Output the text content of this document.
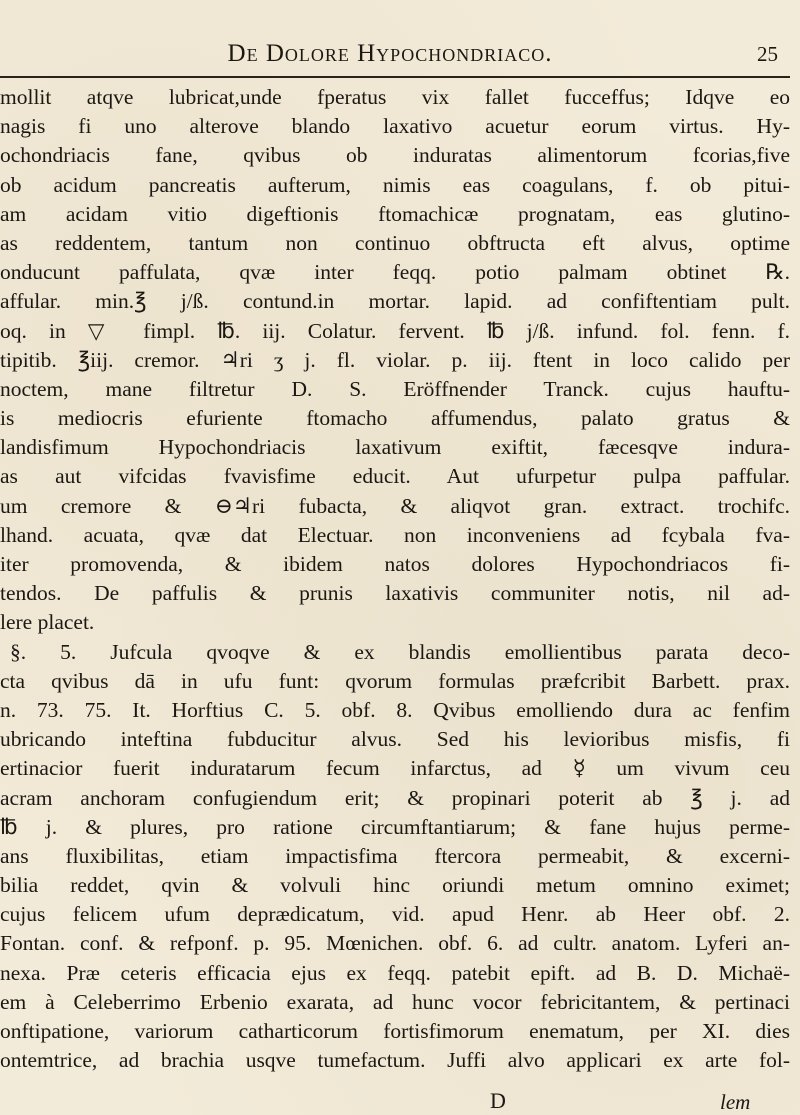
De Dolore Hypochondriaco.	25
mollit atqve lubricat,unde fperatus vix fallet fucceffus; Idqve eo
nagis fi uno alterove blando laxativo acuetur eorum virtus. Hy-
ochondriacis fane, qvibus ob induratas alimentorum fcorias,five
ob acidum pancreatis aufterum, nimis eas coagulans, f. ob pitui-
am acidam vitio digeftionis ftomachicæ prognatam, eas glutino-
as reddentem, tantum non continuo obftructa eft alvus, optime
onducunt paffulata, qvæ inter feqq. potio palmam obtinet ℞.
affular. min.℥ j/ß. contund.in mortar. lapid. ad confiftentiam pult.
oq. in ▽ fimpl. ℔. iij. Colatur. fervent. ℔ j/ß. infund. fol. fenn. f.
tipitib. ℥iij. cremor. ♃ri ʒ j. fl. violar. p. iij. ftent in loco calido per
noctem, mane filtretur D. S. Eröffnender Tranck. cujus hauftu-
is mediocris efuriente ftomacho affumendus, palato gratus &
landisfimum Hypochondriacis laxativum exiftit, fæcesqve indura-
as aut vifcidas fvavisfime educit. Aut ufurpetur pulpa paffular.
um cremore & ⊖♃ri fubacta, & aliqvot gran. extract. trochifc.
lhand. acuata, qvæ dat Electuar. non inconveniens ad fcybala fva-
iter promovenda, & ibidem natos dolores Hypochondriacos fi-
tendos. De paffulis & prunis laxativis communiter notis, nil ad-
lere placet.
§. 5. Jufcula qvoqve & ex blandis emollientibus parata deco-
cta qvibus dā in ufu funt: qvorum formulas præfcribit Barbett. prax.
n. 73. 75. It. Horftius C. 5. obf. 8. Qvibus emolliendo dura ac fenfim
ubricando inteftina fubducitur alvus. Sed his levioribus misfis, fi
ertinacior fuerit induratarum fecum infarctus, ad ☿ um vivum ceu
acram anchoram confugiendum erit; & propinari poterit ab ℥ j. ad
℔ j. & plures, pro ratione circumftantiarum; & fane hujus perme-
ans fluxibilitas, etiam impactisfima ftercora permeabit, & excerni-
bilia reddet, qvin & volvuli hinc oriundi metum omnino eximet;
cujus felicem ufum deprædicatum, vid. apud Henr. ab Heer obf. 2.
Fontan. conf. & refponf. p. 95. Mœnichen. obf. 6. ad cultr. anatom. Lyferi an-
nexa. Præ ceteris efficacia ejus ex feqq. patebit epift. ad B. D. Michaë-
em à Celeberrimo Erbenio exarata, ad hunc vocor febricitantem, & pertinaci
onftipatione, variorum catharticorum fortisfimorum enematum, per XI. dies
ontemtrice, ad brachia usqve tumefactum. Juffi alvo applicari ex arte fol-
D	lem
